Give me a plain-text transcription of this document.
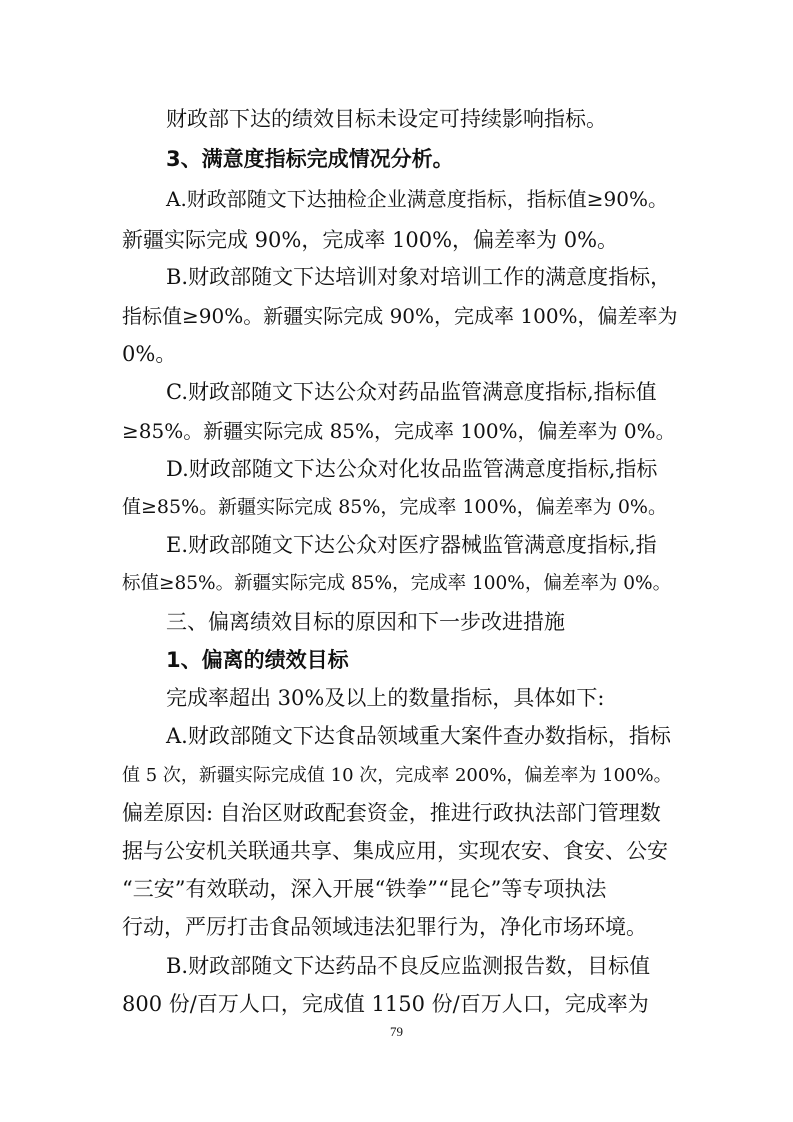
财政部下达的绩效目标未设定可持续影响指标。
3、满意度指标完成情况分析。
A.财政部随文下达抽检企业满意度指标，指标值≥90%。
新疆实际完成 90%，完成率 100%，偏差率为 0%。
B.财政部随文下达培训对象对培训工作的满意度指标，
指标值≥90%。新疆实际完成 90%，完成率 100%，偏差率为
0%。
C.财政部随文下达公众对药品监管满意度指标,指标值
≥85%。新疆实际完成 85%，完成率 100%，偏差率为 0%。
D.财政部随文下达公众对化妆品监管满意度指标,指标
值≥85%。新疆实际完成 85%，完成率 100%，偏差率为 0%。
E.财政部随文下达公众对医疗器械监管满意度指标,指
标值≥85%。新疆实际完成 85%，完成率 100%，偏差率为 0%。
三、偏离绩效目标的原因和下一步改进措施
1、偏离的绩效目标
完成率超出 30%及以上的数量指标，具体如下:
A.财政部随文下达食品领域重大案件查办数指标，指标
值 5 次，新疆实际完成值 10 次，完成率 200%，偏差率为 100%。
偏差原因: 自治区财政配套资金，推进行政执法部门管理数
据与公安机关联通共享、集成应用，实现农安、食安、公安
“三安”有效联动，深入开展“铁拳”“昆仑”等专项执法
行动，严厉打击食品领域违法犯罪行为，净化市场环境。
B.财政部随文下达药品不良反应监测报告数，目标值
800 份/百万人口，完成值 1150 份/百万人口，完成率为
79
